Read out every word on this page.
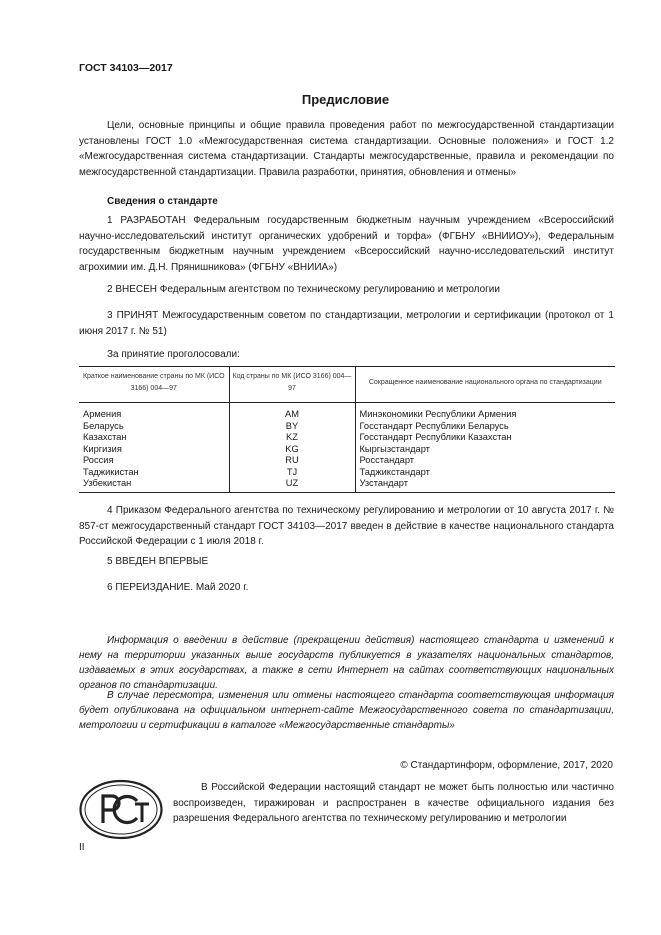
ГОСТ 34103—2017
Предисловие

Цели, основные принципы и общие правила проведения работ по межгосударственной стандартизации установлены ГОСТ 1.0 «Межгосударственная система стандартизации. Основные положения» и ГОСТ 1.2 «Межгосударственная система стандартизации. Стандарты межгосударственные, правила и рекомендации по межгосударственной стандартизации. Правила разработки, принятия, обновления и отмены»

Сведения о стандарте

1 РАЗРАБОТАН Федеральным государственным бюджетным научным учреждением «Всероссийский научно-исследовательский институт органических удобрений и торфа» (ФГБНУ «ВНИИОУ»), Федеральным государственным бюджетным научным учреждением «Всероссийский научно-исследовательский институт агрохимии им. Д.Н. Прянишникова» (ФГБНУ «ВНИИА»)

2 ВНЕСЕН Федеральным агентством по техническому регулированию и метрологии

3 ПРИНЯТ Межгосударственным советом по стандартизации, метрологии и сертификации (протокол от 1 июня 2017 г. № 51)

За принятие проголосовали:

Краткое наименование страны по МК (ИСО 3166) 004—97	Код страны по МК (ИСО 3166) 004—97	Сокращенное наименование национального органа по стандартизации
Армения	AM	Минэкономики Республики Армения
Беларусь	BY	Госстандарт Республики Беларусь
Казахстан	KZ	Госстандарт Республики Казахстан
Киргизия	KG	Кыргызстандарт
Россия	RU	Росстандарт
Таджикистан	TJ	Таджикстандарт
Узбекистан	UZ	Узстандарт

4 Приказом Федерального агентства по техническому регулированию и метрологии от 10 августа 2017 г. № 857-ст межгосударственный стандарт ГОСТ 34103—2017 введен в действие в качестве национального стандарта Российской Федерации с 1 июля 2018 г.

5 ВВЕДЕН ВПЕРВЫЕ

6 ПЕРЕИЗДАНИЕ. Май 2020 г.

Информация о введении в действие (прекращении действия) настоящего стандарта и изменений к нему на территории указанных выше государств публикуется в указателях национальных стандартов, издаваемых в этих государствах, а также в сети Интернет на сайтах соответствующих национальных органов по стандартизации.

В случае пересмотра, изменения или отмены настоящего стандарта соответствующая информация будет опубликована на официальном интернет-сайте Межгосударственного совета по стандартизации, метрологии и сертификации в каталоге «Межгосударственные стандарты»

© Стандартинформ, оформление, 2017, 2020

В Российской Федерации настоящий стандарт не может быть полностью или частично воспроизведен, тиражирован и распространен в качестве официального издания без разрешения Федерального агентства по техническому регулированию и метрологии

II
